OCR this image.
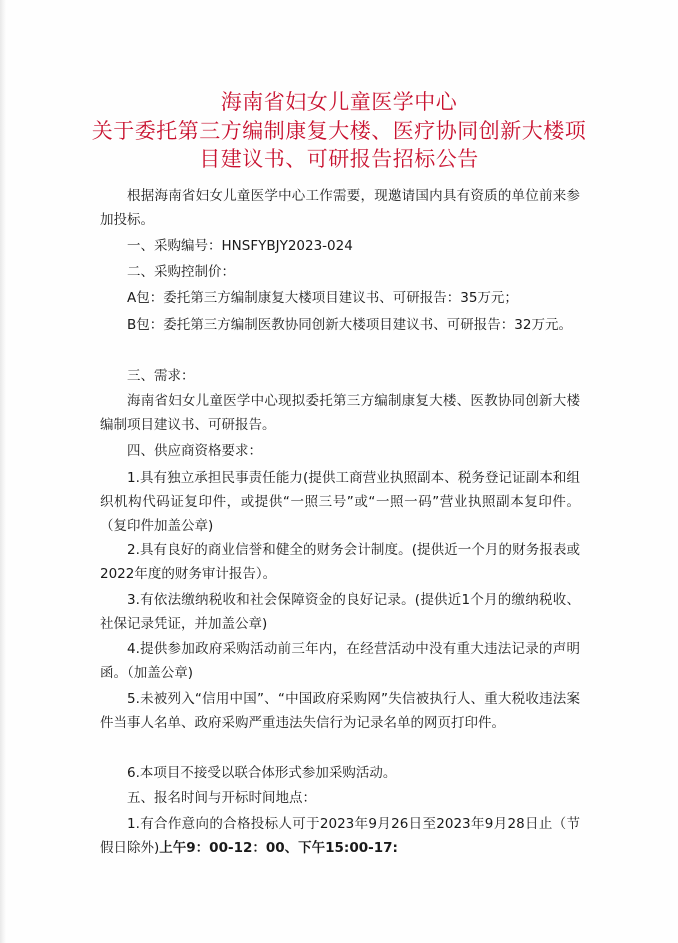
海南省妇女儿童医学中心
关于委托第三方编制康复大楼、医疗协同创新大楼项
目建议书、可研报告招标公告

根据海南省妇女儿童医学中心工作需要，现邀请国内具有资质的单位前来参加投标。

一、采购编号：HNSFYBJY2023-024

二、采购控制价：

A包：委托第三方编制康复大楼项目建议书、可研报告：35万元；

B包：委托第三方编制医教协同创新大楼项目建议书、可研报告：32万元。

三、需求：

海南省妇女儿童医学中心现拟委托第三方编制康复大楼、医教协同创新大楼编制项目建议书、可研报告。

四、供应商资格要求：

1.具有独立承担民事责任能力(提供工商营业执照副本、税务登记证副本和组织机构代码证复印件，或提供“一照三号”或“一照一码”营业执照副本复印件。（复印件加盖公章)

2.具有良好的商业信誉和健全的财务会计制度。(提供近一个月的财务报表或2022年度的财务审计报告）。

3.有依法缴纳税收和社会保障资金的良好记录。(提供近1个月的缴纳税收、社保记录凭证，并加盖公章)

4.提供参加政府采购活动前三年内，在经营活动中没有重大违法记录的声明函。（加盖公章)

5.未被列入“信用中国”、“中国政府采购网”失信被执行人、重大税收违法案件当事人名单、政府采购严重违法失信行为记录名单的网页打印件。

6.本项目不接受以联合体形式参加采购活动。

五、报名时间与开标时间地点：

1.有合作意向的合格投标人可于2023年9月26日至2023年9月28日止（节假日除外)上午9：00-12：00、下午15:00-17:
